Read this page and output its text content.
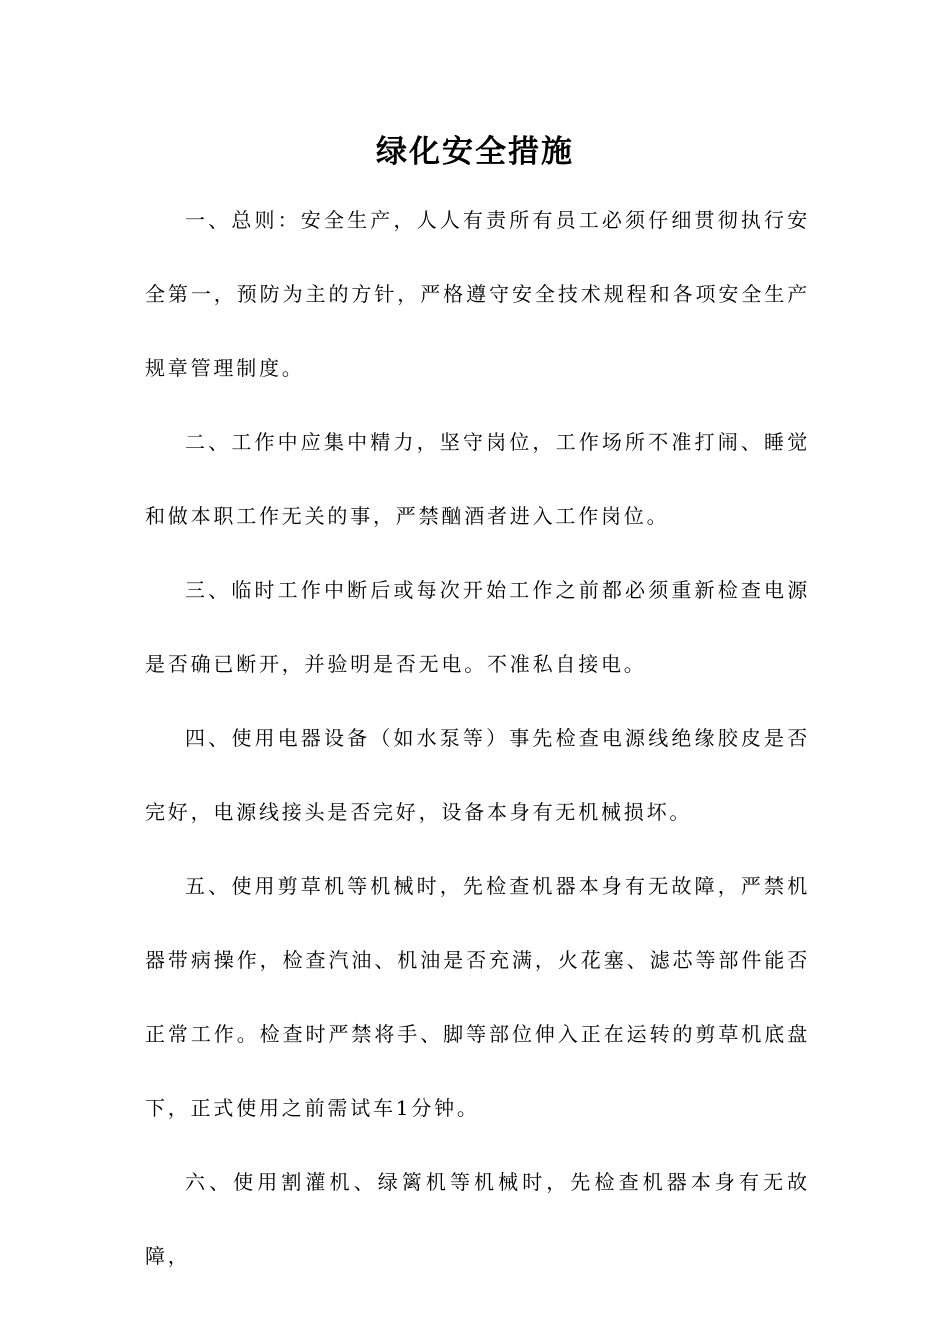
绿化安全措施

一、总则：安全生产，人人有责所有员工必须仔细贯彻执行安全第一，预防为主的方针，严格遵守安全技术规程和各项安全生产规章管理制度。

二、工作中应集中精力，坚守岗位，工作场所不准打闹、睡觉和做本职工作无关的事，严禁酗酒者进入工作岗位。

三、临时工作中断后或每次开始工作之前都必须重新检查电源是否确已断开，并验明是否无电。不准私自接电。

四、使用电器设备（如水泵等）事先检查电源线绝缘胶皮是否完好，电源线接头是否完好，设备本身有无机械损坏。

五、使用剪草机等机械时，先检查机器本身有无故障，严禁机器带病操作，检查汽油、机油是否充满，火花塞、滤芯等部件能否正常工作。检查时严禁将手、脚等部位伸入正在运转的剪草机底盘下，正式使用之前需试车1分钟。

六、使用割灌机、绿篱机等机械时，先检查机器本身有无故障，
